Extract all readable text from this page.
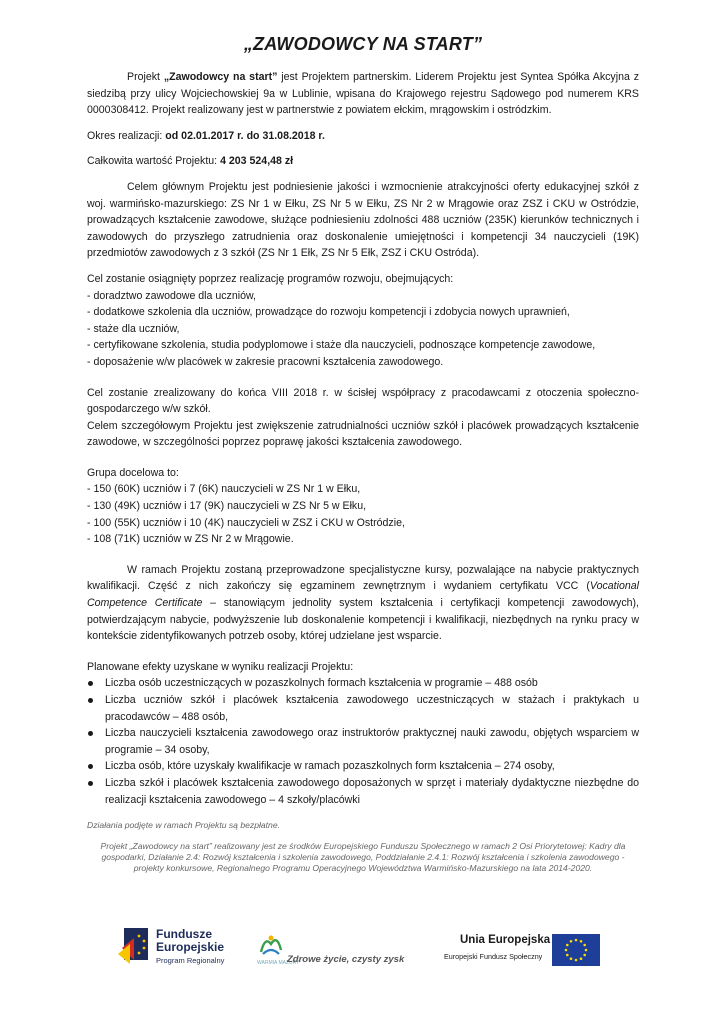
„ZAWODOWCY NA START”

Projekt „Zawodowcy na start” jest Projektem partnerskim. Liderem Projektu jest Syntea Spółka Akcyjna z siedzibą przy ulicy Wojciechowskiej 9a w Lublinie, wpisana do Krajowego rejestru Sądowego pod numerem KRS 0000308412. Projekt realizowany jest w partnerstwie z powiatem ełckim, mrągowskim i ostródzkim.

Okres realizacji: od 02.01.2017 r. do 31.08.2018 r.

Całkowita wartość Projektu: 4 203 524,48 zł

Celem głównym Projektu jest podniesienie jakości i wzmocnienie atrakcyjności oferty edukacyjnej szkół z woj. warmińsko-mazurskiego: ZS Nr 1 w Ełku, ZS Nr 5 w Ełku, ZS Nr 2 w Mrągowie oraz ZSZ i CKU w Ostródzie, prowadzących kształcenie zawodowe, służące podniesieniu zdolności 488 uczniów (235K) kierunków technicznych i zawodowych do przyszłego zatrudnienia oraz doskonalenie umiejętności i kompetencji 34 nauczycieli (19K) przedmiotów zawodowych z 3 szkół (ZS Nr 1 Ełk, ZS Nr 5 Ełk, ZSZ i CKU Ostróda).

Cel zostanie osiągnięty poprzez realizację programów rozwoju, obejmujących:
- doradztwo zawodowe dla uczniów,
- dodatkowe szkolenia dla uczniów, prowadzące do rozwoju kompetencji i zdobycia nowych uprawnień,
- staże dla uczniów,
- certyfikowane szkolenia, studia podyplomowe i staże dla nauczycieli, podnoszące kompetencje zawodowe,
- doposażenie w/w placówek w zakresie pracowni kształcenia zawodowego.

Cel zostanie zrealizowany do końca VIII 2018 r. w ścisłej współpracy z pracodawcami z otoczenia społeczno-gospodarczego w/w szkół.

Celem szczegółowym Projektu jest zwiększenie zatrudnialności uczniów szkół i placówek prowadzących kształcenie zawodowe, w szczególności poprzez poprawę jakości kształcenia zawodowego.

Grupa docelowa to:
- 150 (60K) uczniów i 7 (6K) nauczycieli w ZS Nr 1 w Ełku,
- 130 (49K) uczniów i 17 (9K) nauczycieli w ZS Nr 5 w Ełku,
- 100 (55K) uczniów i 10 (4K) nauczycieli w ZSZ i CKU w Ostródzie,
- 108 (71K) uczniów w ZS Nr 2 w Mrągowie.

W ramach Projektu zostaną przeprowadzone specjalistyczne kursy, pozwalające na nabycie praktycznych kwalifikacji. Część z nich zakończy się egzaminem zewnętrznym i wydaniem certyfikatu VCC (Vocational Competence Certificate – stanowiącym jednolity system kształcenia i certyfikacji kompetencji zawodowych), potwierdzającym nabycie, podwyższenie lub doskonalenie kompetencji i kwalifikacji, niezbędnych na rynku pracy w kontekście zidentyfikowanych potrzeb osoby, której udzielane jest wsparcie.

Planowane efekty uzyskane w wyniku realizacji Projektu:
Liczba osób uczestniczących w pozaszkolnych formach kształcenia w programie – 488 osób
Liczba uczniów szkół i placówek kształcenia zawodowego uczestniczących w stażach i praktykach u pracodawców – 488 osób,
Liczba nauczycieli kształcenia zawodowego oraz instruktorów praktycznej nauki zawodu, objętych wsparciem w programie – 34 osoby,
Liczba osób, które uzyskały kwalifikacje w ramach pozaszkolnych form kształcenia – 274 osoby,
Liczba szkół i placówek kształcenia zawodowego doposażonych w sprzęt i materiały dydaktyczne niezbędne do realizacji kształcenia zawodowego – 4 szkoły/placówki
Działania podjęte w ramach Projektu są bezpłatne.
Projekt „Zawodowcy na start” realizowany jest ze środków Europejskiego Funduszu Społecznego w ramach 2 Osi Priorytetowej: Kadry dla gospodarki, Działanie 2.4: Rozwój kształcenia i szkolenia zawodowego, Poddziałanie 2.4.1: Rozwój kształcenia i szkolenia zawodowego - projekty konkursowe, Regionalnego Programu Operacyjnego Województwa Warmińsko-Mazurskiego na lata 2014-2020.
Fundusze
Europejskie
Program Regionalny	WARMIA MAZURY
Zdrowe życie, czysty zysk
Unia Europejska
Europejski Fundusz Społeczny
